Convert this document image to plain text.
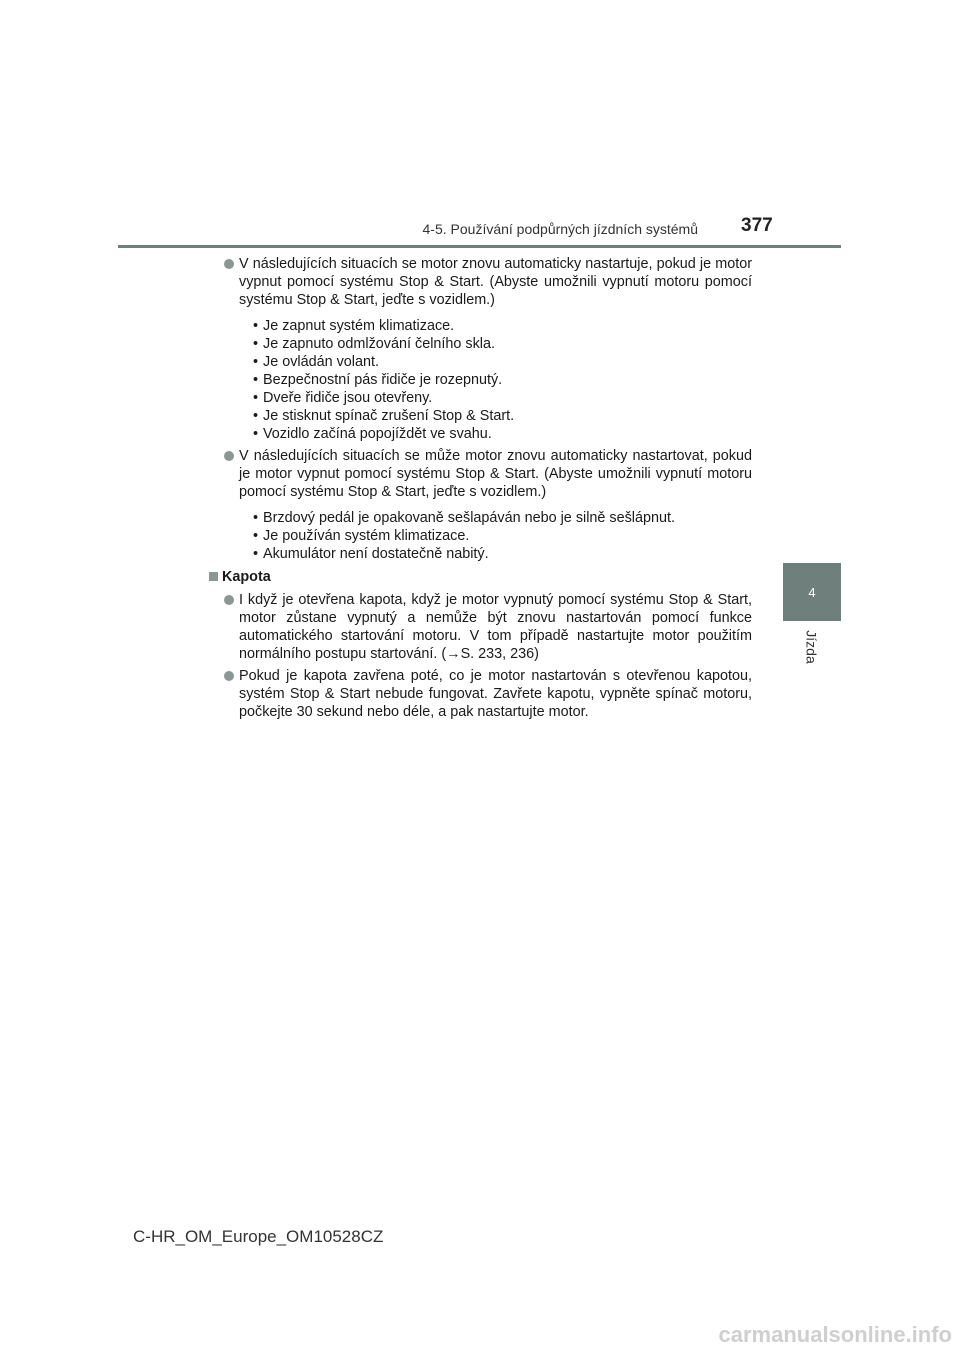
4-5. Používání podpůrných jízdních systémů 377
4
Jízda

V následujících situacích se motor znovu automaticky nastartuje, pokud je motor vypnut pomocí systému Stop & Start. (Abyste umožnili vypnutí motoru pomocí systému Stop & Start, jeďte s vozidlem.)

• Je zapnut systém klimatizace.
• Je zapnuto odmlžování čelního skla.
• Je ovládán volant.
• Bezpečnostní pás řidiče je rozepnutý.
• Dveře řidiče jsou otevřeny.
• Je stisknut spínač zrušení Stop & Start.
• Vozidlo začíná popojíždět ve svahu.

V následujících situacích se může motor znovu automaticky nastartovat, pokud je motor vypnut pomocí systému Stop & Start. (Abyste umožnili vypnutí motoru pomocí systému Stop & Start, jeďte s vozidlem.)

• Brzdový pedál je opakovaně sešlapáván nebo je silně sešlápnut.
• Je používán systém klimatizace.
• Akumulátor není dostatečně nabitý.
Kapota

I když je otevřena kapota, když je motor vypnutý pomocí systému Stop & Start, motor zůstane vypnutý a nemůže být znovu nastartován pomocí funkce automatického startování motoru. V tom případě nastartujte motor použitím normálního postupu startování. (→S. 233, 236)

Pokud je kapota zavřena poté, co je motor nastartován s otevřenou kapotou, systém Stop & Start nebude fungovat. Zavřete kapotu, vypněte spínač motoru, počkejte 30 sekund nebo déle, a pak nastartujte motor.

C-HR_OM_Europe_OM10528CZ
carmanualsonline.info
